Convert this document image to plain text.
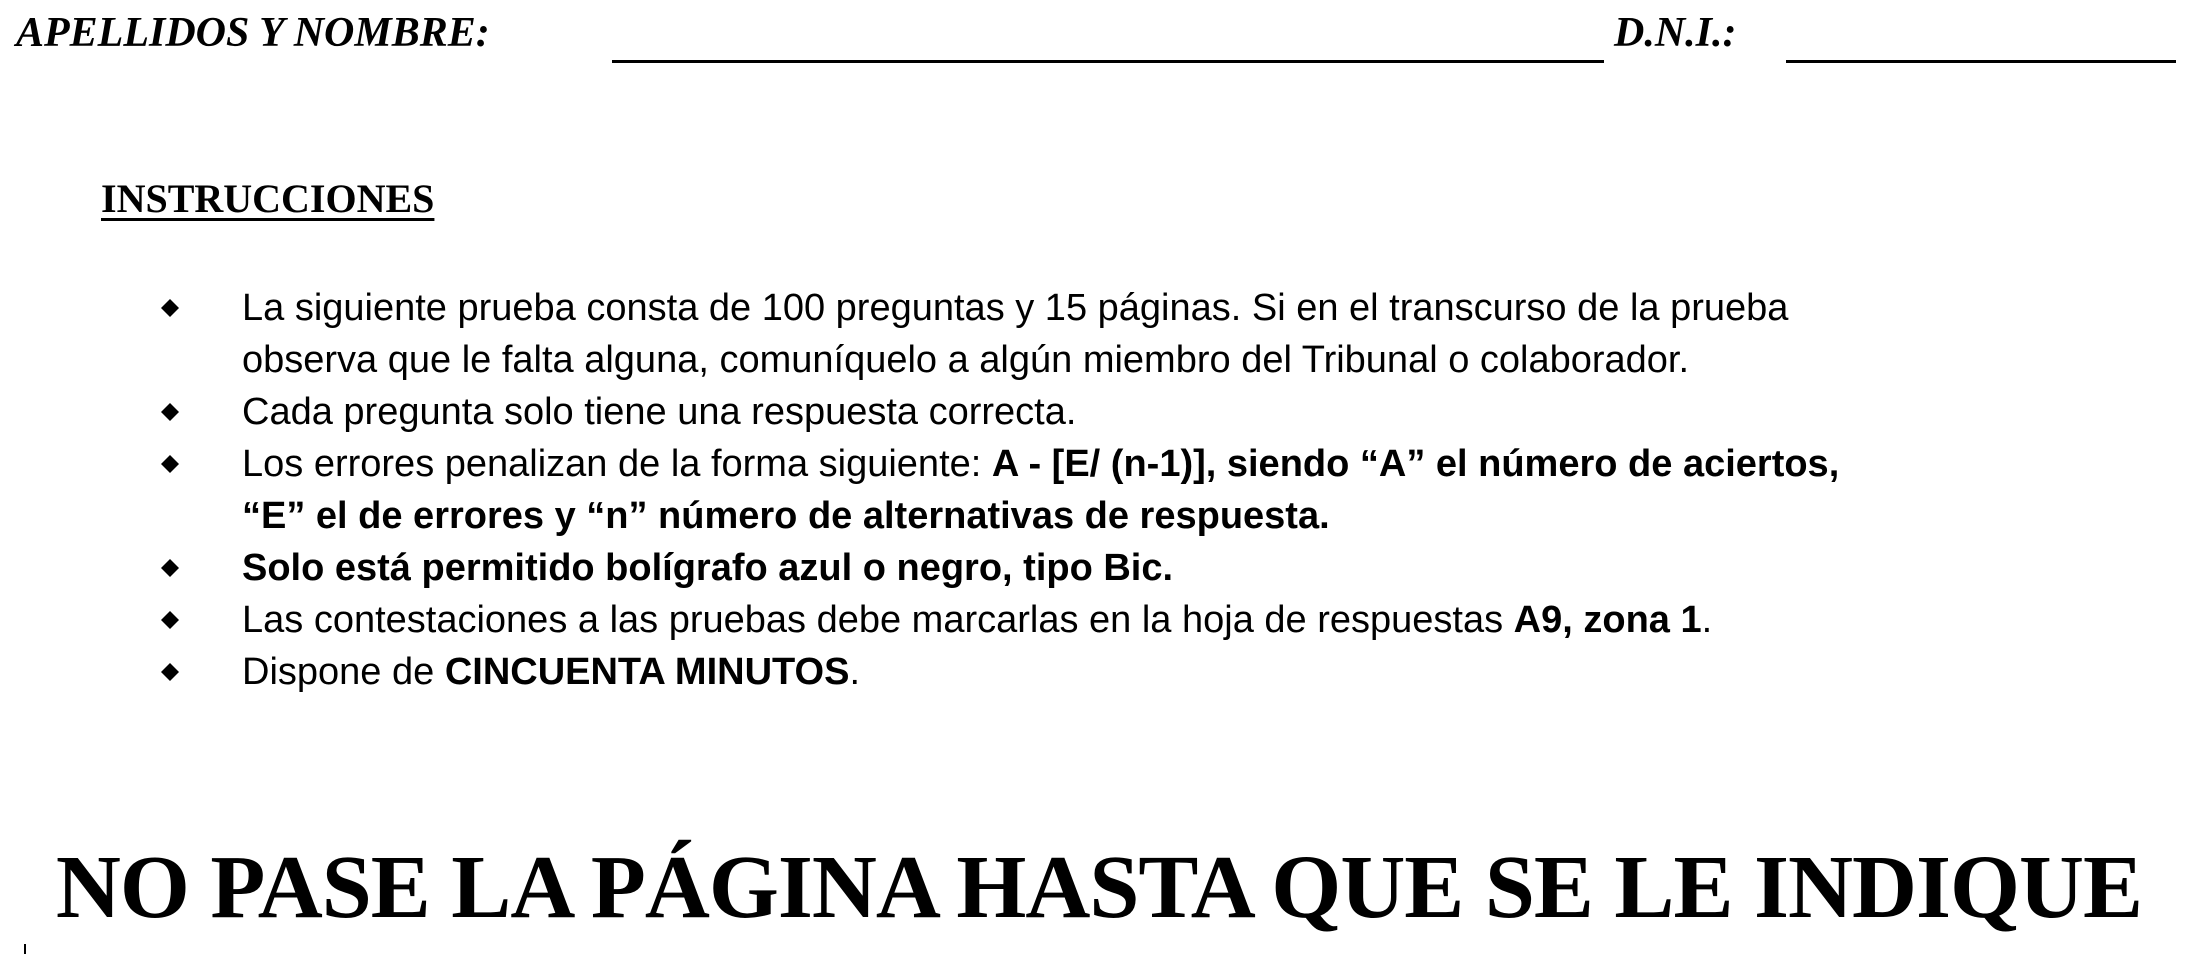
APELLIDOS Y NOMBRE:	D.N.I.:
INSTRUCCIONES
La siguiente prueba consta de 100 preguntas y 15 páginas. Si en el transcurso de la prueba
observa que le falta alguna, comuníquelo a algún miembro del Tribunal o colaborador.
Cada pregunta solo tiene una respuesta correcta.
Los errores penalizan de la forma siguiente: A - [E/ (n-1)], siendo “A” el número de aciertos,
“E” el de errores y “n” número de alternativas de respuesta.
Solo está permitido bolígrafo azul o negro, tipo Bic.
Las contestaciones a las pruebas debe marcarlas en la hoja de respuestas A9, zona 1.
Dispone de CINCUENTA MINUTOS.
NO PASE LA PÁGINA HASTA QUE SE LE INDIQUE
